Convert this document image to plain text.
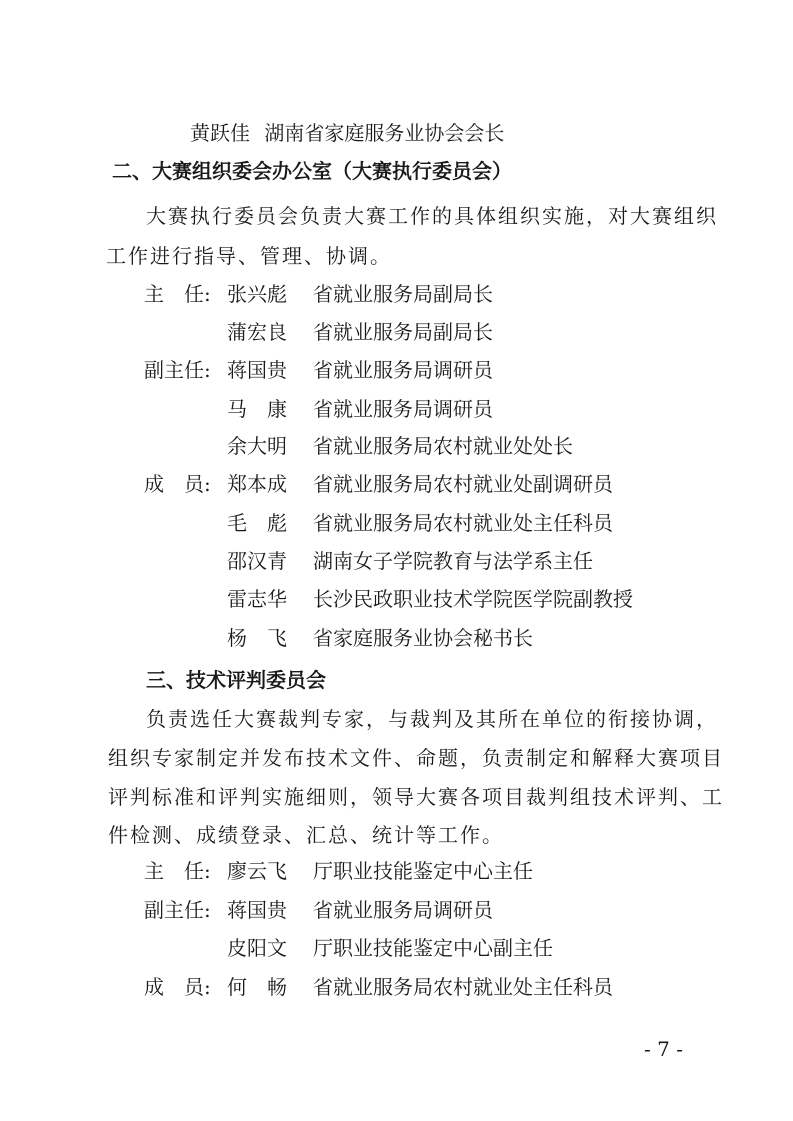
黄跃佳 湖南省家庭服务业协会会长
二、大赛组织委会办公室（大赛执行委员会）
大赛执行委员会负责大赛工作的具体组织实施，对大赛组织
工作进行指导、管理、协调。
主　任: 张兴彪 省就业服务局副局长
蒲宏良 省就业服务局副局长
副主任: 蒋国贵 省就业服务局调研员
马　康 省就业服务局调研员
余大明 省就业服务局农村就业处处长
成　员: 郑本成 省就业服务局农村就业处副调研员
毛　彪 省就业服务局农村就业处主任科员
邵汉青 湖南女子学院教育与法学系主任
雷志华 长沙民政职业技术学院医学院副教授
杨　飞 省家庭服务业协会秘书长
三、技术评判委员会
负责选任大赛裁判专家，与裁判及其所在单位的衔接协调，
组织专家制定并发布技术文件、命题，负责制定和解释大赛项目
评判标准和评判实施细则，领导大赛各项目裁判组技术评判、工
件检测、成绩登录、汇总、统计等工作。
主　任: 廖云飞 厅职业技能鉴定中心主任
副主任: 蒋国贵 省就业服务局调研员
皮阳文 厅职业技能鉴定中心副主任
成　员: 何　畅 省就业服务局农村就业处主任科员
- 7 -
